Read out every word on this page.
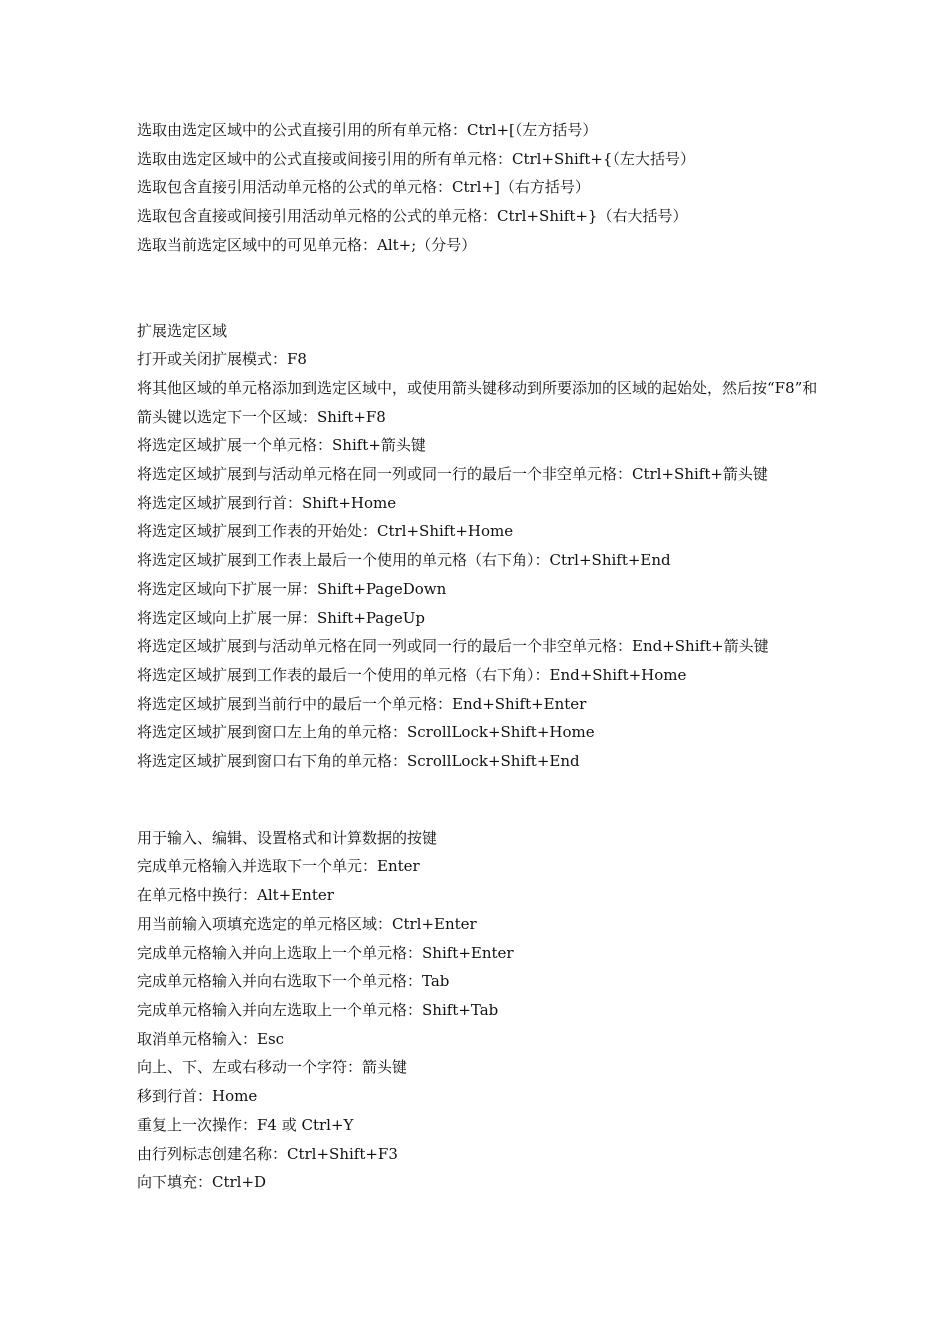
选取由选定区域中的公式直接引用的所有单元格：Ctrl+[（左方括号）

选取由选定区域中的公式直接或间接引用的所有单元格：Ctrl+Shift+{（左大括号）

选取包含直接引用活动单元格的公式的单元格：Ctrl+]（右方括号）

选取包含直接或间接引用活动单元格的公式的单元格：Ctrl+Shift+}（右大括号）

选取当前选定区域中的可见单元格：Alt+;（分号）

扩展选定区域

打开或关闭扩展模式：F8

将其他区域的单元格添加到选定区域中，或使用箭头键移动到所要添加的区域的起始处，然后按“F8”和箭头键以选定下一个区域：Shift+F8

将选定区域扩展一个单元格：Shift+箭头键

将选定区域扩展到与活动单元格在同一列或同一行的最后一个非空单元格：Ctrl+Shift+箭头键

将选定区域扩展到行首：Shift+Home

将选定区域扩展到工作表的开始处：Ctrl+Shift+Home

将选定区域扩展到工作表上最后一个使用的单元格（右下角）：Ctrl+Shift+End

将选定区域向下扩展一屏：Shift+PageDown

将选定区域向上扩展一屏：Shift+PageUp

将选定区域扩展到与活动单元格在同一列或同一行的最后一个非空单元格：End+Shift+箭头键

将选定区域扩展到工作表的最后一个使用的单元格（右下角）：End+Shift+Home

将选定区域扩展到当前行中的最后一个单元格：End+Shift+Enter

将选定区域扩展到窗口左上角的单元格：ScrollLock+Shift+Home

将选定区域扩展到窗口右下角的单元格：ScrollLock+Shift+End

用于输入、编辑、设置格式和计算数据的按键

完成单元格输入并选取下一个单元：Enter

在单元格中换行：Alt+Enter

用当前输入项填充选定的单元格区域：Ctrl+Enter

完成单元格输入并向上选取上一个单元格：Shift+Enter

完成单元格输入并向右选取下一个单元格：Tab

完成单元格输入并向左选取上一个单元格：Shift+Tab

取消单元格输入：Esc

向上、下、左或右移动一个字符：箭头键

移到行首：Home

重复上一次操作：F4 或 Ctrl+Y

由行列标志创建名称：Ctrl+Shift+F3

向下填充：Ctrl+D
